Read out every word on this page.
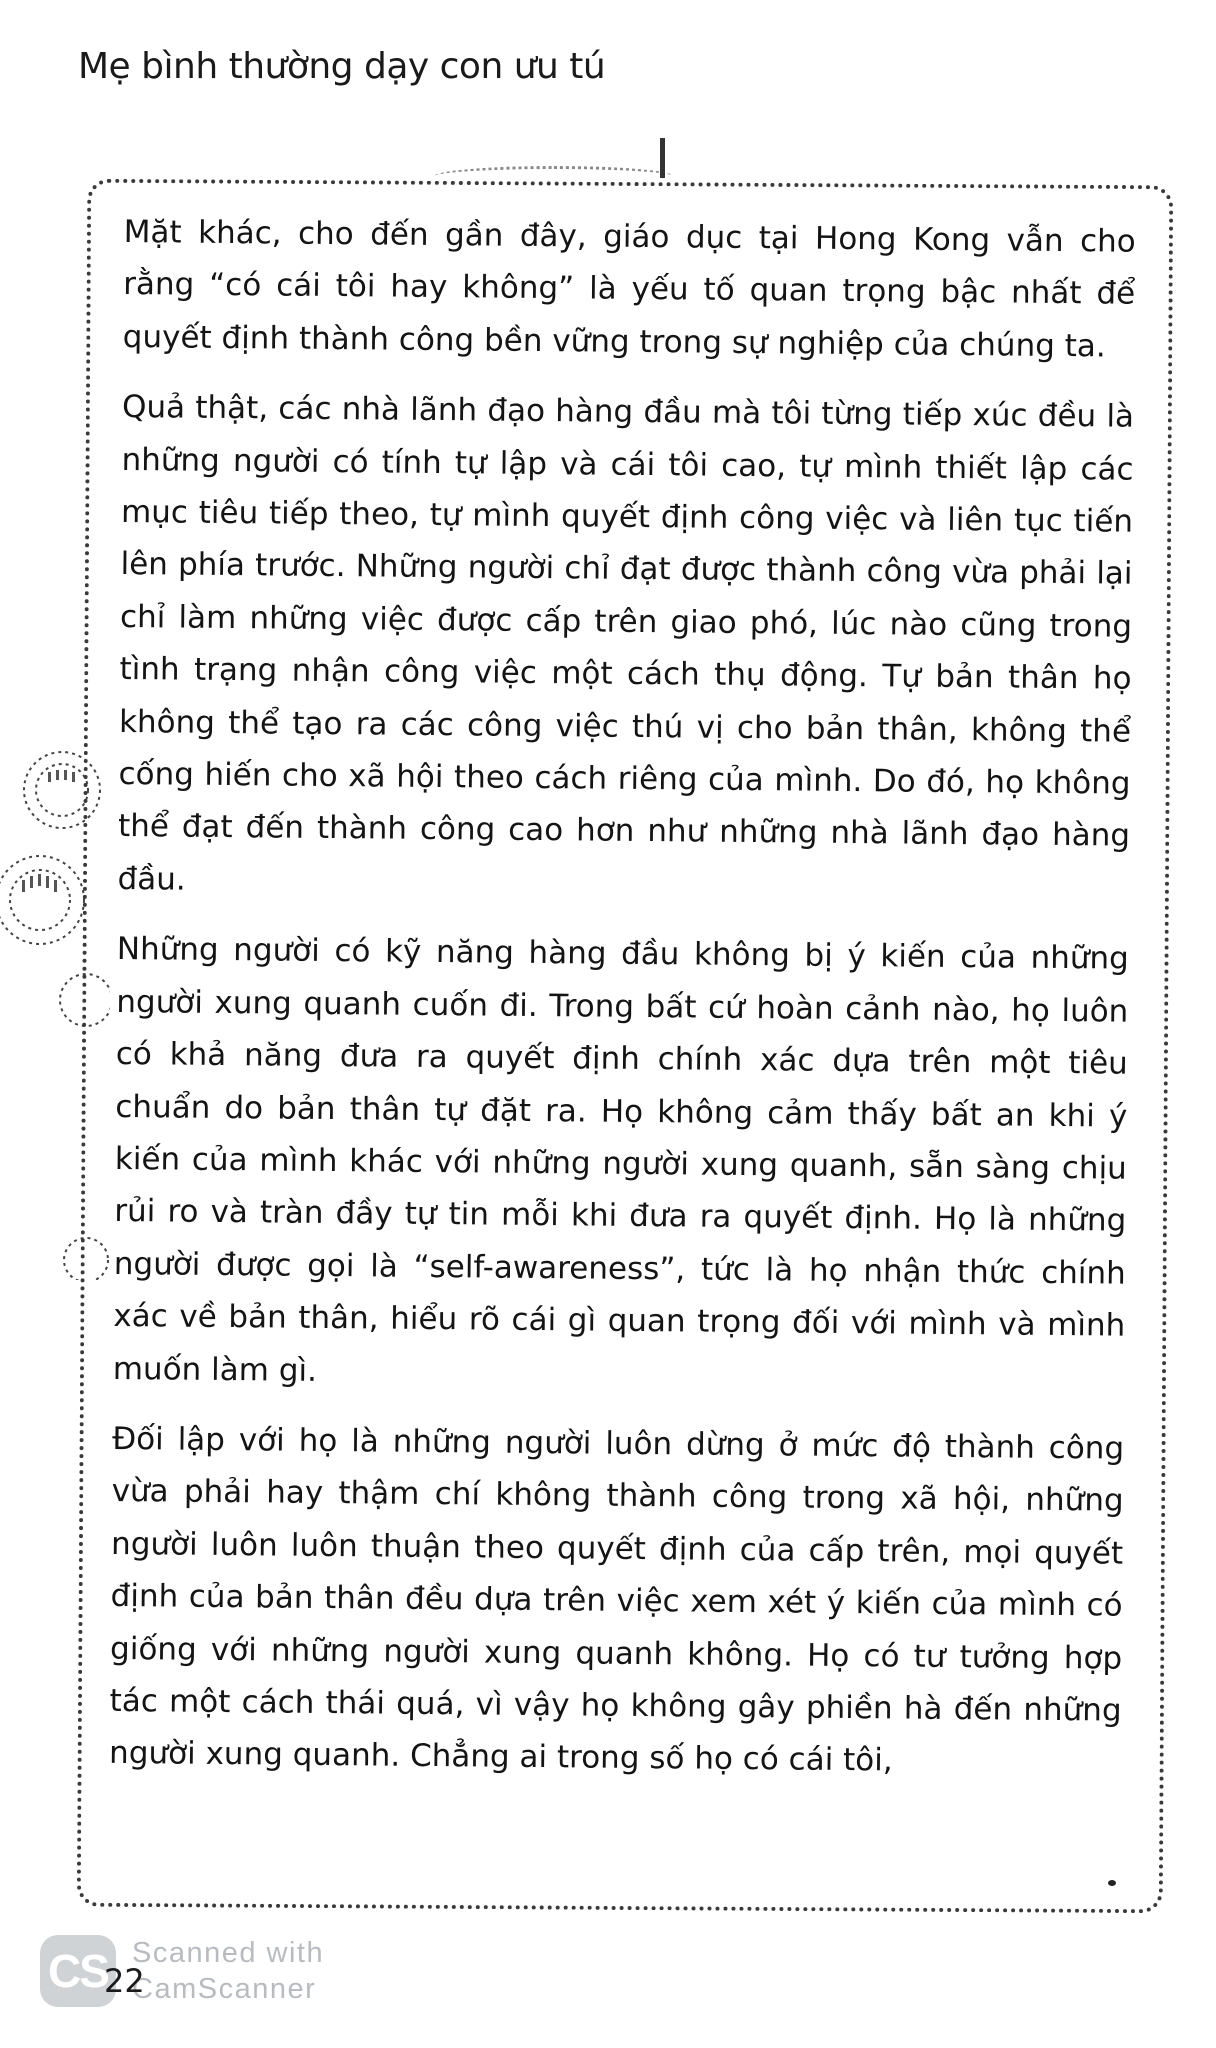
Mẹ bình thường dạy con ưu tú

Mặt khác, cho đến gần đây, giáo dục tại Hong Kong vẫn cho rằng “có cái tôi hay không” là yếu tố quan trọng bậc nhất để quyết định thành công bền vững trong sự nghiệp của chúng ta.

Quả thật, các nhà lãnh đạo hàng đầu mà tôi từng tiếp xúc đều là những người có tính tự lập và cái tôi cao, tự mình thiết lập các mục tiêu tiếp theo, tự mình quyết định công việc và liên tục tiến lên phía trước. Những người chỉ đạt được thành công vừa phải lại chỉ làm những việc được cấp trên giao phó, lúc nào cũng trong tình trạng nhận công việc một cách thụ động. Tự bản thân họ không thể tạo ra các công việc thú vị cho bản thân, không thể cống hiến cho xã hội theo cách riêng của mình. Do đó, họ không thể đạt đến thành công cao hơn như những nhà lãnh đạo hàng đầu.

Những người có kỹ năng hàng đầu không bị ý kiến của những người xung quanh cuốn đi. Trong bất cứ hoàn cảnh nào, họ luôn có khả năng đưa ra quyết định chính xác dựa trên một tiêu chuẩn do bản thân tự đặt ra. Họ không cảm thấy bất an khi ý kiến của mình khác với những người xung quanh, sẵn sàng chịu rủi ro và tràn đầy tự tin mỗi khi đưa ra quyết định. Họ là những người được gọi là “self-awareness”, tức là họ nhận thức chính xác về bản thân, hiểu rõ cái gì quan trọng đối với mình và mình muốn làm gì.

Đối lập với họ là những người luôn dừng ở mức độ thành công vừa phải hay thậm chí không thành công trong xã hội, những người luôn luôn thuận theo quyết định của cấp trên, mọi quyết định của bản thân đều dựa trên việc xem xét ý kiến của mình có giống với những người xung quanh không. Họ có tư tưởng hợp tác một cách thái quá, vì vậy họ không gây phiền hà đến những người xung quanh. Chẳng ai trong số họ có cái tôi,

CS Scanned with
CamScanner
22
